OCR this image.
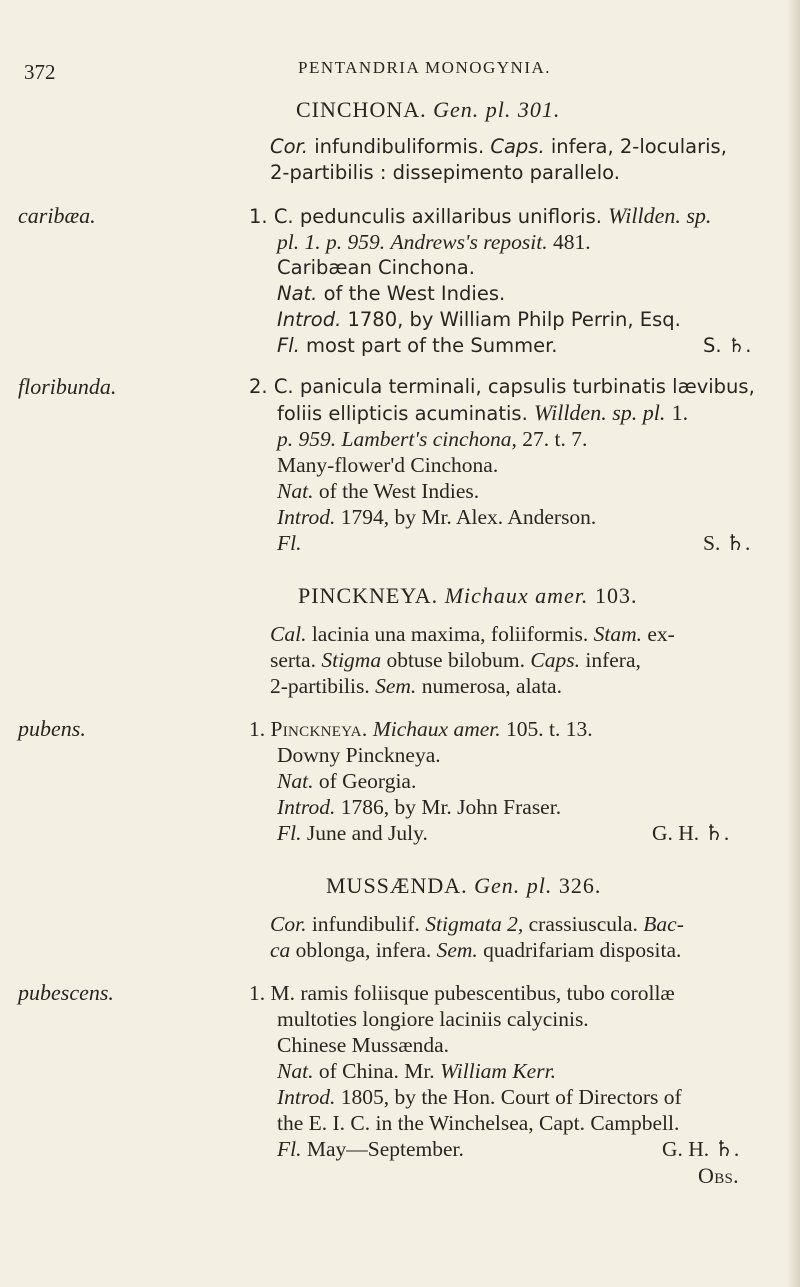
372	PENTANDRIA MONOGYNIA.
CINCHONA. Gen. pl. 301.
Cor. infundibuliformis. Caps. infera, 2-locularis,
2-partibilis : dissepimento parallelo.
caribæa.	1. C. pedunculis axillaribus unifloris. Willden. sp.
pl. 1. p. 959. Andrews's reposit. 481.
Caribæan Cinchona.
Nat. of the West Indies.
Introd. 1780, by William Philp Perrin, Esq.
Fl. most part of the Summer.	S. ♄.
floribunda.	2. C. panicula terminali, capsulis turbinatis lævibus,
foliis ellipticis acuminatis. Willden. sp. pl. 1.
p. 959. Lambert's cinchona, 27. t. 7.
Many-flower'd Cinchona.
Nat. of the West Indies.
Introd. 1794, by Mr. Alex. Anderson.
Fl.	S. ♄.
PINCKNEYA. Michaux amer. 103.
Cal. lacinia una maxima, foliiformis. Stam. ex-
serta. Stigma obtuse bilobum. Caps. infera,
2-partibilis. Sem. numerosa, alata.
pubens.	1. Pinckneya. Michaux amer. 105. t. 13.
Downy Pinckneya.
Nat. of Georgia.
Introd. 1786, by Mr. John Fraser.
Fl. June and July.	G. H. ♄.
MUSSÆNDA. Gen. pl. 326.
Cor. infundibulif. Stigmata 2, crassiuscula. Bac-
ca oblonga, infera. Sem. quadrifariam disposita.
pubescens.	1. M. ramis foliisque pubescentibus, tubo corollæ
multoties longiore laciniis calycinis.
Chinese Mussænda.
Nat. of China. Mr. William Kerr.
Introd. 1805, by the Hon. Court of Directors of
the E. I. C. in the Winchelsea, Capt. Campbell.
Fl. May—September.	G. H. ♄.
Obs.
